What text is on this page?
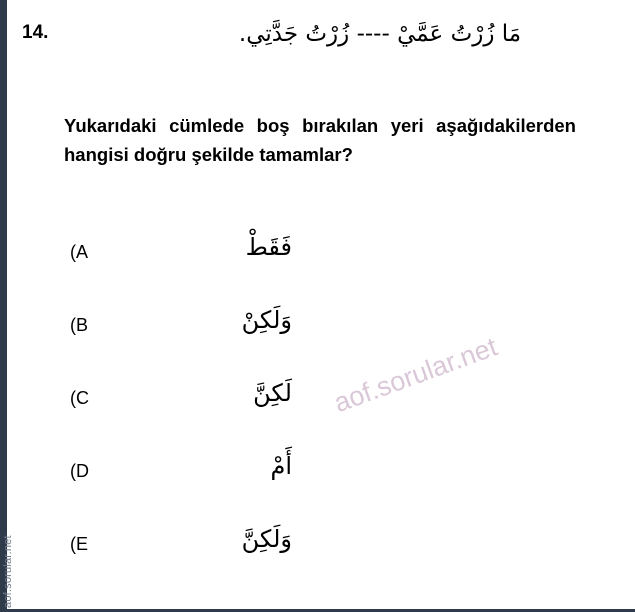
aof.sorular.net
14.	مَا زُرْتُ عَمَّيْ ---- زُرْتُ جَدَّتِي.
Yukarıdaki cümlede boş bırakılan yeri aşağıdakilerden hangisi doğru şekilde tamamlar?
A)	فَقَطْ
B)	وَلَكِنْ
C)	لَكِنَّ
D)	أَمْ
E)	وَلَكِنَّ
aof.sorular.net
